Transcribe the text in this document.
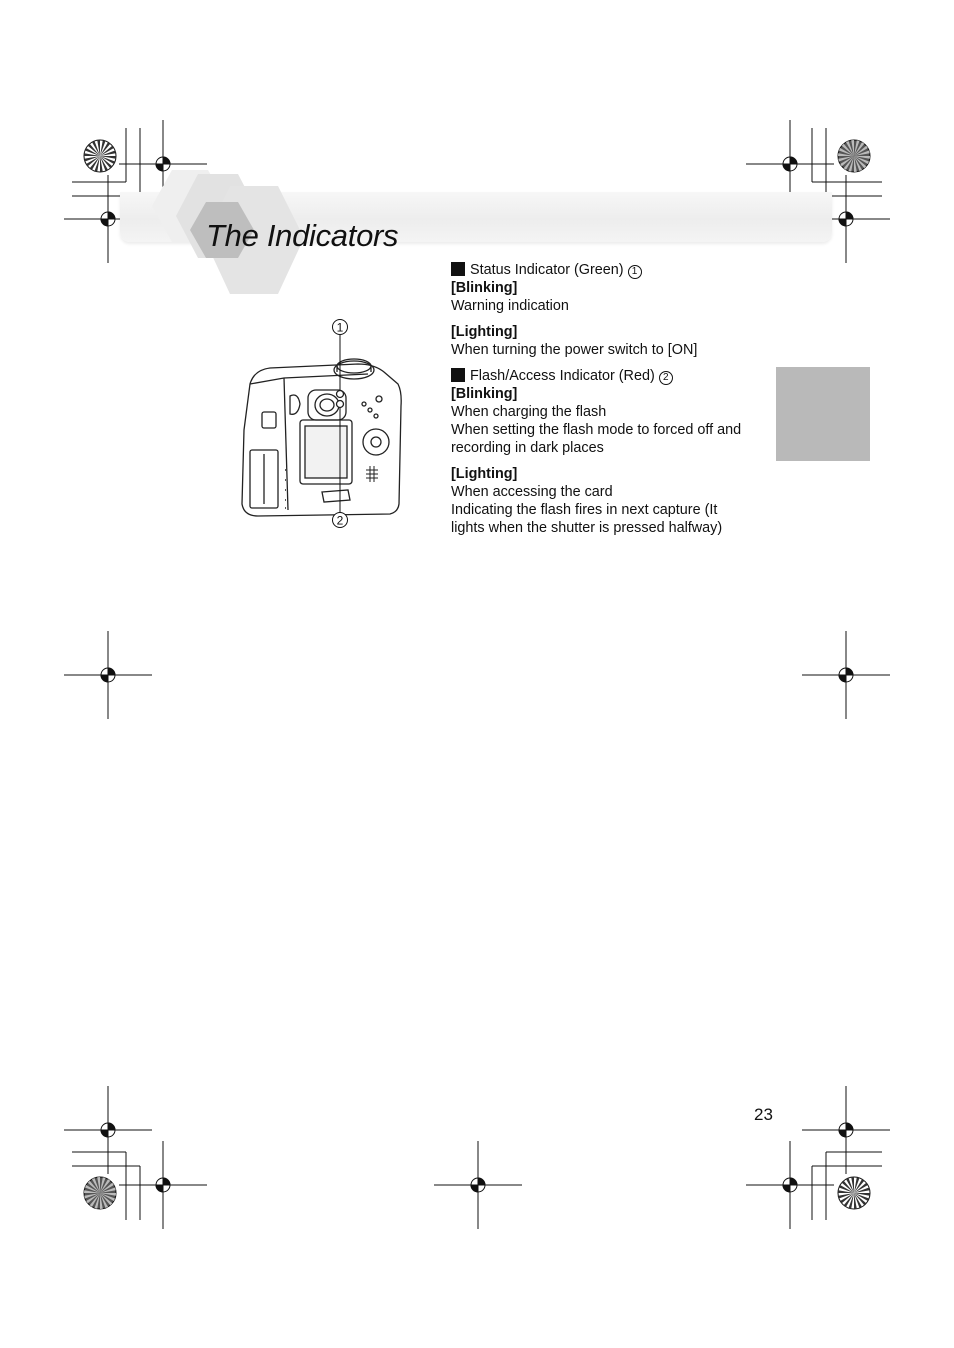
The Indicators
1
2
Status Indicator (Green) 1
[Blinking]
Warning indication
[Lighting]
When turning the power switch to [ON]
Flash/Access Indicator (Red) 2
[Blinking]
When charging the flash
When setting the flash mode to forced off and
recording in dark places
[Lighting]
When accessing the card
Indicating the flash fires in next capture (It
lights when the shutter is pressed halfway)
23
